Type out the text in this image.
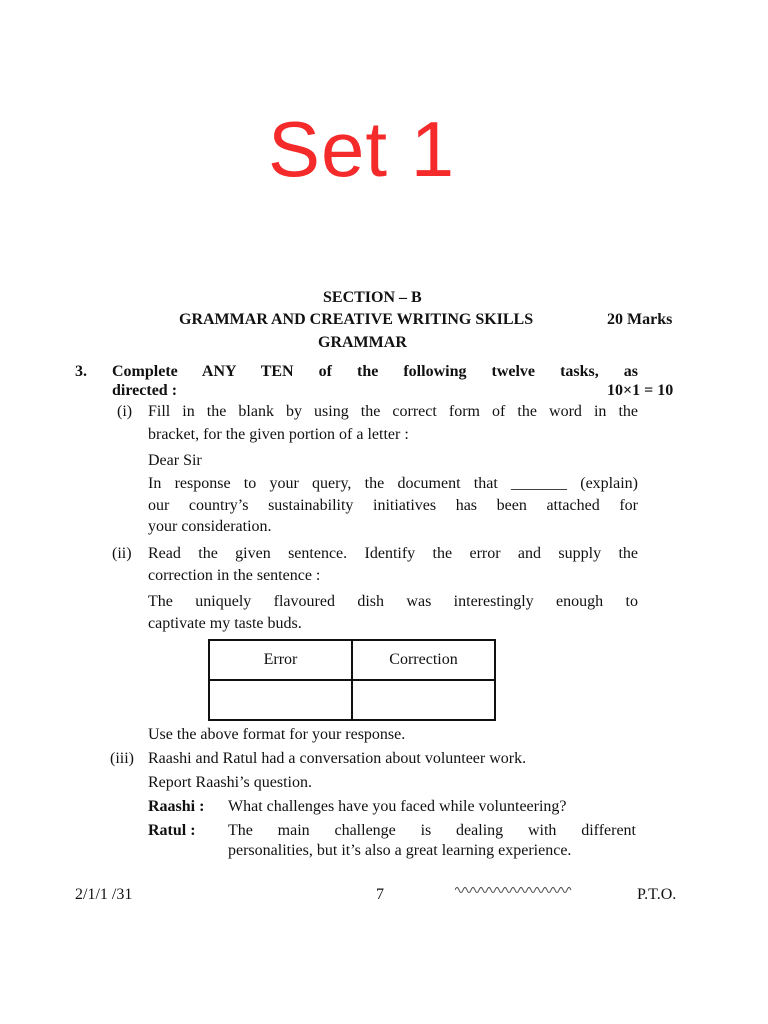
Set 1
SECTION – B
GRAMMAR AND CREATIVE WRITING SKILLS	20 Marks
GRAMMAR
3. Complete ANY TEN of the following twelve tasks, as
directed :	10×1 = 10
(i) Fill in the blank by using the correct form of the word in the
bracket, for the given portion of a letter :
Dear Sir
In response to your query, the document that _______ (explain)
our country’s sustainability initiatives has been attached for
your consideration.
(ii) Read the given sentence. Identify the error and supply the
correction in the sentence :
The uniquely flavoured dish was interestingly enough to
captivate my taste buds.
Error	Correction

Use the above format for your response.
(iii) Raashi and Ratul had a conversation about volunteer work.
Report Raashi’s question.
Raashi : What challenges have you faced while volunteering?
Ratul : The main challenge is dealing with different
personalities, but it’s also a great learning experience.
2/1/1 /31	7	P.T.O.
